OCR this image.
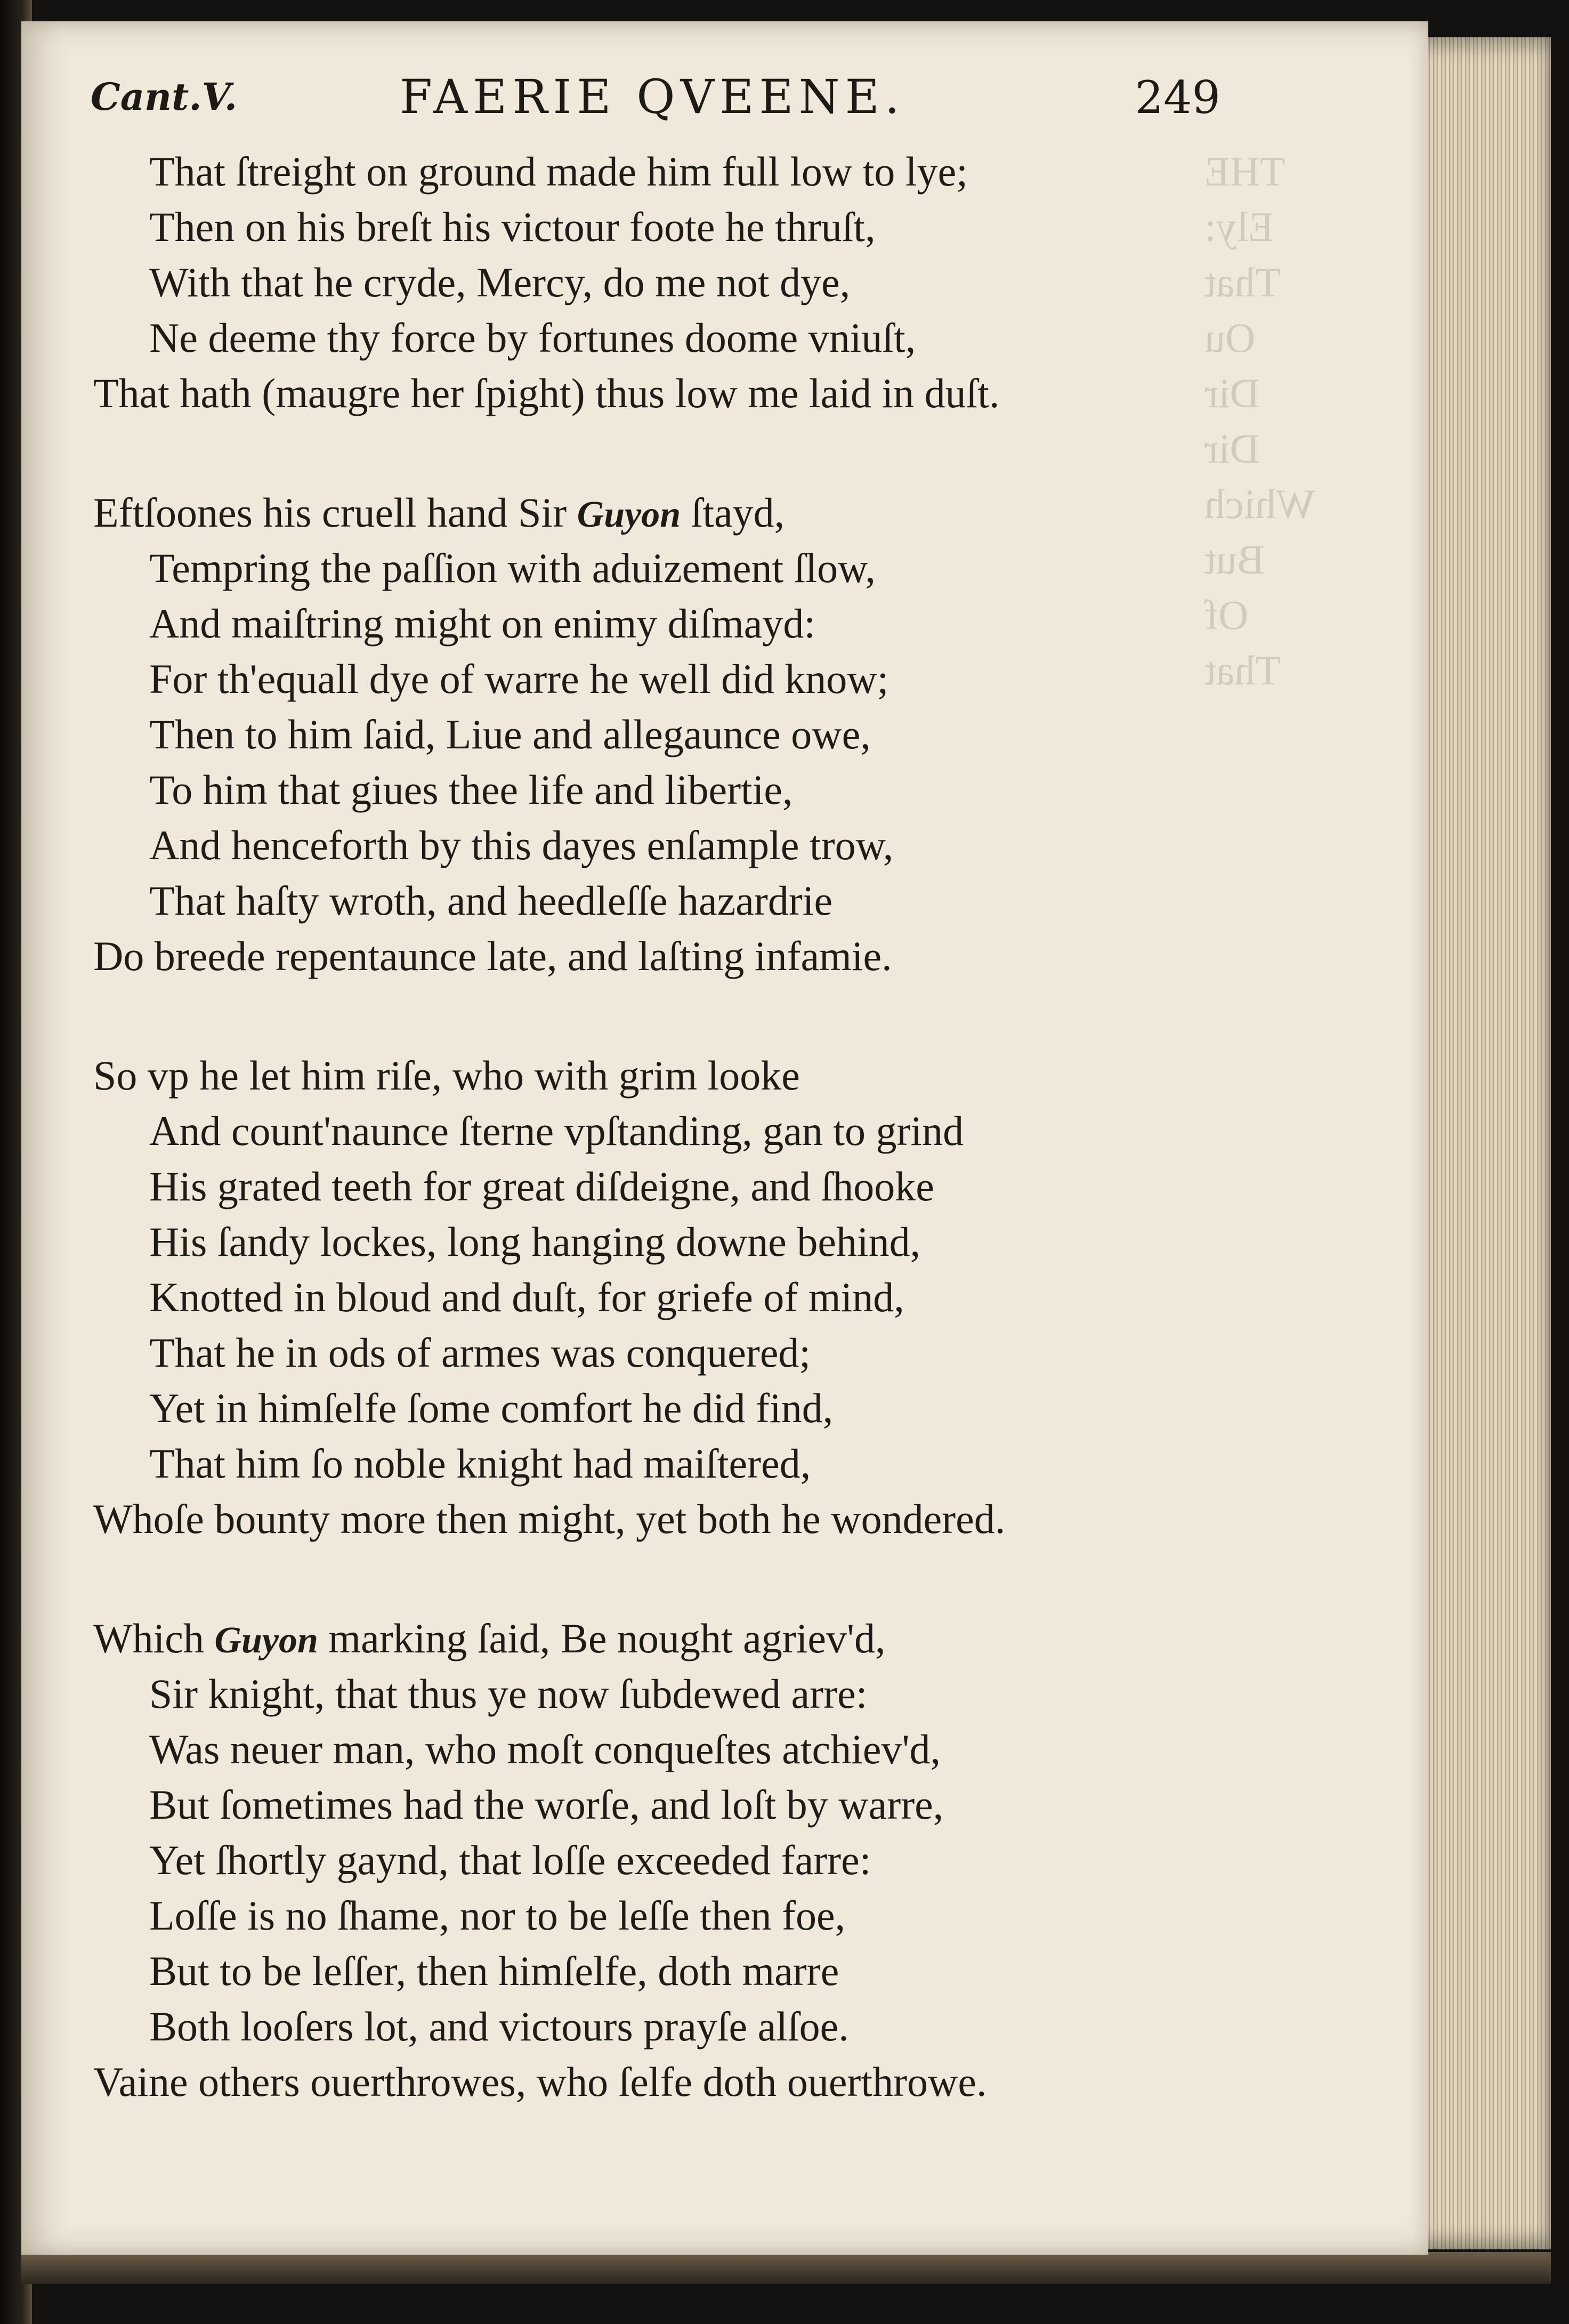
THE
Ely:
That
Ou
Dir
Dir
Which
But
Of
That
Cant.V.	FAERIE QVEENE.	249
That ſtreight on ground made him full low to lye;
Then on his breſt his victour foote he thruſt,
With that he cryde, Mercy, do me not dye,
Ne deeme thy force by fortunes doome vniuſt,
That hath (maugre her ſpight) thus low me laid in duſt.
Eftſoones his cruell hand Sir Guyon ſtayd,
Tempring the paſſion with aduizement ſlow,
And maiſtring might on enimy diſmayd:
For th'equall dye of warre he well did know;
Then to him ſaid, Liue and allegaunce owe,
To him that giues thee life and libertie,
And henceforth by this dayes enſample trow,
That haſty wroth, and heedleſſe hazardrie
Do breede repentaunce late, and laſting infamie.
So vp he let him riſe, who with grim looke
And count'naunce ſterne vpſtanding, gan to grind
His grated teeth for great diſdeigne, and ſhooke
His ſandy lockes, long hanging downe behind,
Knotted in bloud and duſt, for griefe of mind,
That he in ods of armes was conquered;
Yet in himſelfe ſome comfort he did find,
That him ſo noble knight had maiſtered,
Whoſe bounty more then might, yet both he wondered.
Which Guyon marking ſaid, Be nought agriev'd,
Sir knight, that thus ye now ſubdewed arre:
Was neuer man, who moſt conqueſtes atchiev'd,
But ſometimes had the worſe, and loſt by warre,
Yet ſhortly gaynd, that loſſe exceeded farre:
Loſſe is no ſhame, nor to be leſſe then foe,
But to be leſſer, then himſelfe, doth marre
Both looſers lot, and victours prayſe alſoe.
Vaine others ouerthrowes, who ſelfe doth ouerthrowe.
